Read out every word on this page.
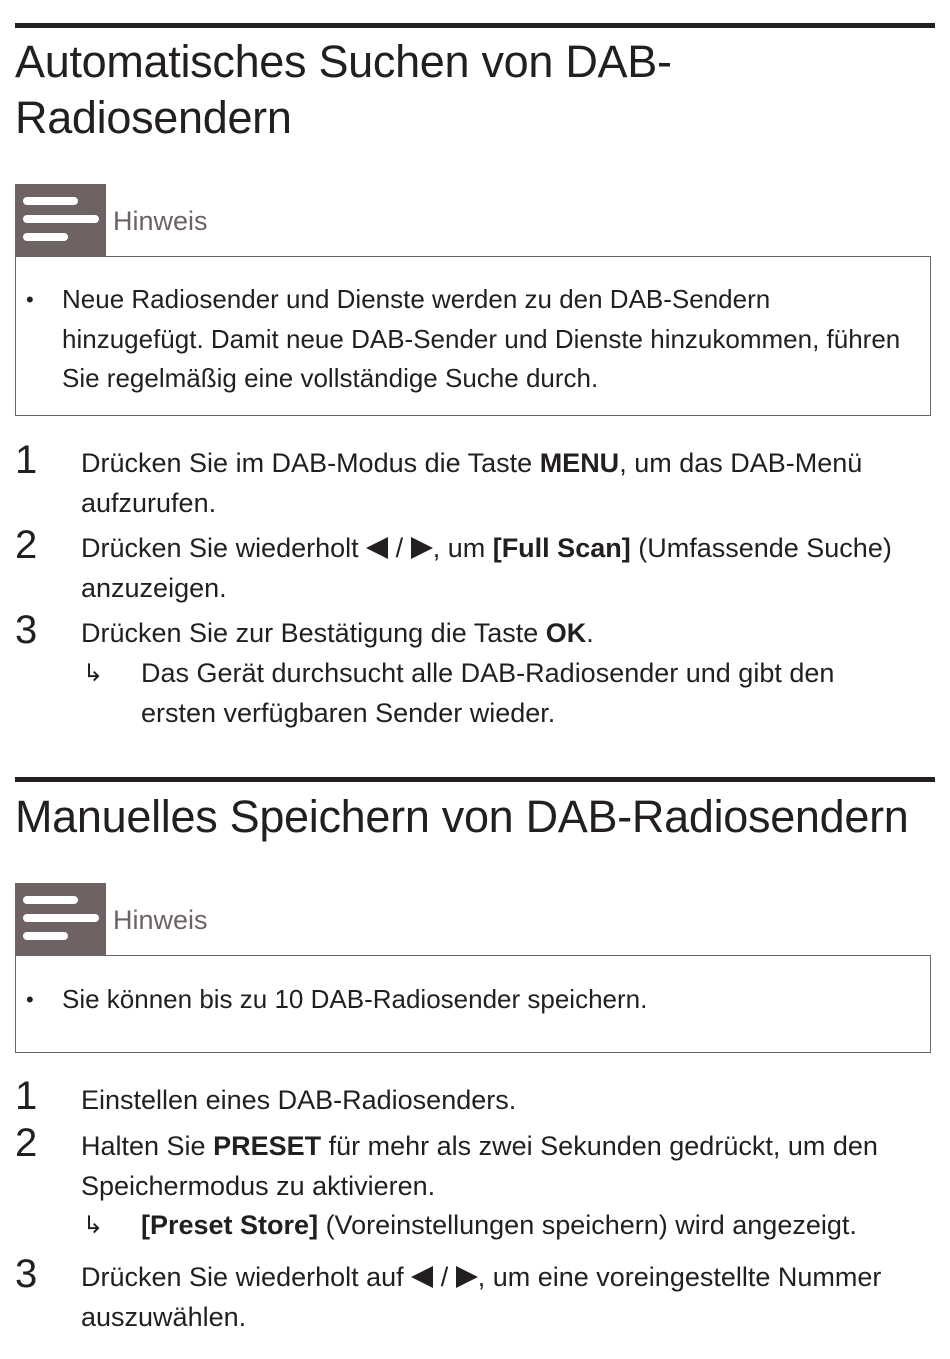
Automatisches Suchen von DAB-Radiosendern
Hinweis
• Neue Radiosender und Dienste werden zu den DAB-Sendern hinzugefügt. Damit neue DAB-Sender und Dienste hinzukommen, führen Sie regelmäßig eine vollständige Suche durch.
1 Drücken Sie im DAB-Modus die Taste MENU, um das DAB-Menü aufzurufen.
2 Drücken Sie wiederholt  / , um [Full Scan] (Umfassende Suche) anzuzeigen.
3 Drücken Sie zur Bestätigung die Taste OK.
↳ Das Gerät durchsucht alle DAB-Radiosender und gibt den ersten verfügbaren Sender wieder.
Manuelles Speichern von DAB-Radiosendern
Hinweis
• Sie können bis zu 10 DAB-Radiosender speichern.
1 Einstellen eines DAB-Radiosenders.
2 Halten Sie PRESET für mehr als zwei Sekunden gedrückt, um den Speichermodus zu aktivieren.
↳ [Preset Store] (Voreinstellungen speichern) wird angezeigt.
3 Drücken Sie wiederholt auf  / , um eine voreingestellte Nummer auszuwählen.
